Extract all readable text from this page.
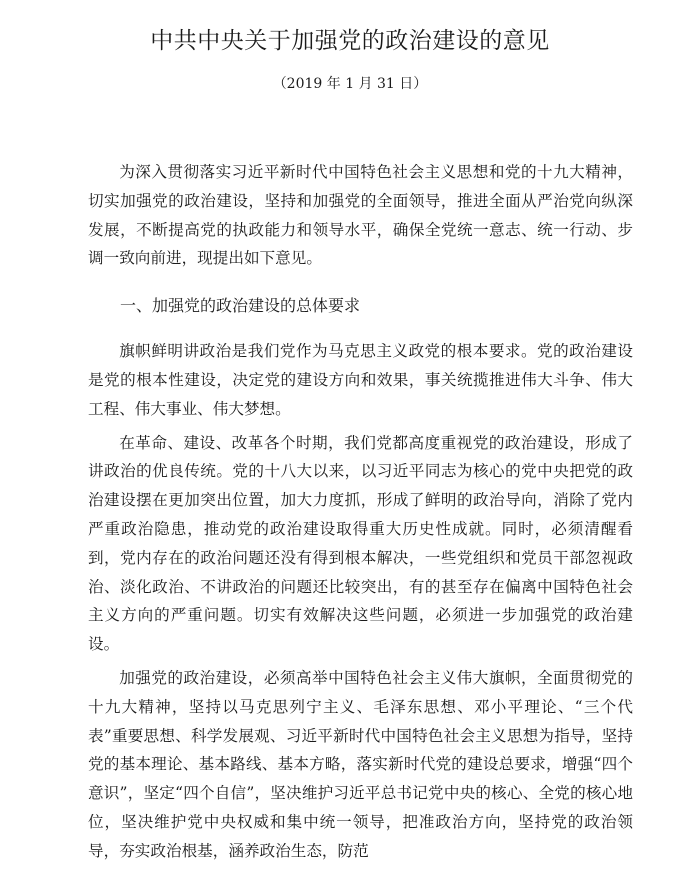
中共中央关于加强党的政治建设的意见

（2019 年 1 月 31 日）

为深入贯彻落实习近平新时代中国特色社会主义思想和党的十九大精神，切实加强党的政治建设，坚持和加强党的全面领导，推进全面从严治党向纵深发展，不断提高党的执政能力和领导水平，确保全党统一意志、统一行动、步调一致向前进，现提出如下意见。

一、加强党的政治建设的总体要求

旗帜鲜明讲政治是我们党作为马克思主义政党的根本要求。党的政治建设是党的根本性建设，决定党的建设方向和效果，事关统揽推进伟大斗争、伟大工程、伟大事业、伟大梦想。

在革命、建设、改革各个时期，我们党都高度重视党的政治建设，形成了讲政治的优良传统。党的十八大以来，以习近平同志为核心的党中央把党的政治建设摆在更加突出位置，加大力度抓，形成了鲜明的政治导向，消除了党内严重政治隐患，推动党的政治建设取得重大历史性成就。同时，必须清醒看到，党内存在的政治问题还没有得到根本解决，一些党组织和党员干部忽视政治、淡化政治、不讲政治的问题还比较突出，有的甚至存在偏离中国特色社会主义方向的严重问题。切实有效解决这些问题，必须进一步加强党的政治建设。

加强党的政治建设，必须高举中国特色社会主义伟大旗帜，全面贯彻党的十九大精神，坚持以马克思列宁主义、毛泽东思想、邓小平理论、“三个代表”重要思想、科学发展观、习近平新时代中国特色社会主义思想为指导，坚持党的基本理论、基本路线、基本方略，落实新时代党的建设总要求，增强“四个意识”，坚定“四个自信”，坚决维护习近平总书记党中央的核心、全党的核心地位，坚决维护党中央权威和集中统一领导，把准政治方向，坚持党的政治领导，夯实政治根基，涵养政治生态，防范
